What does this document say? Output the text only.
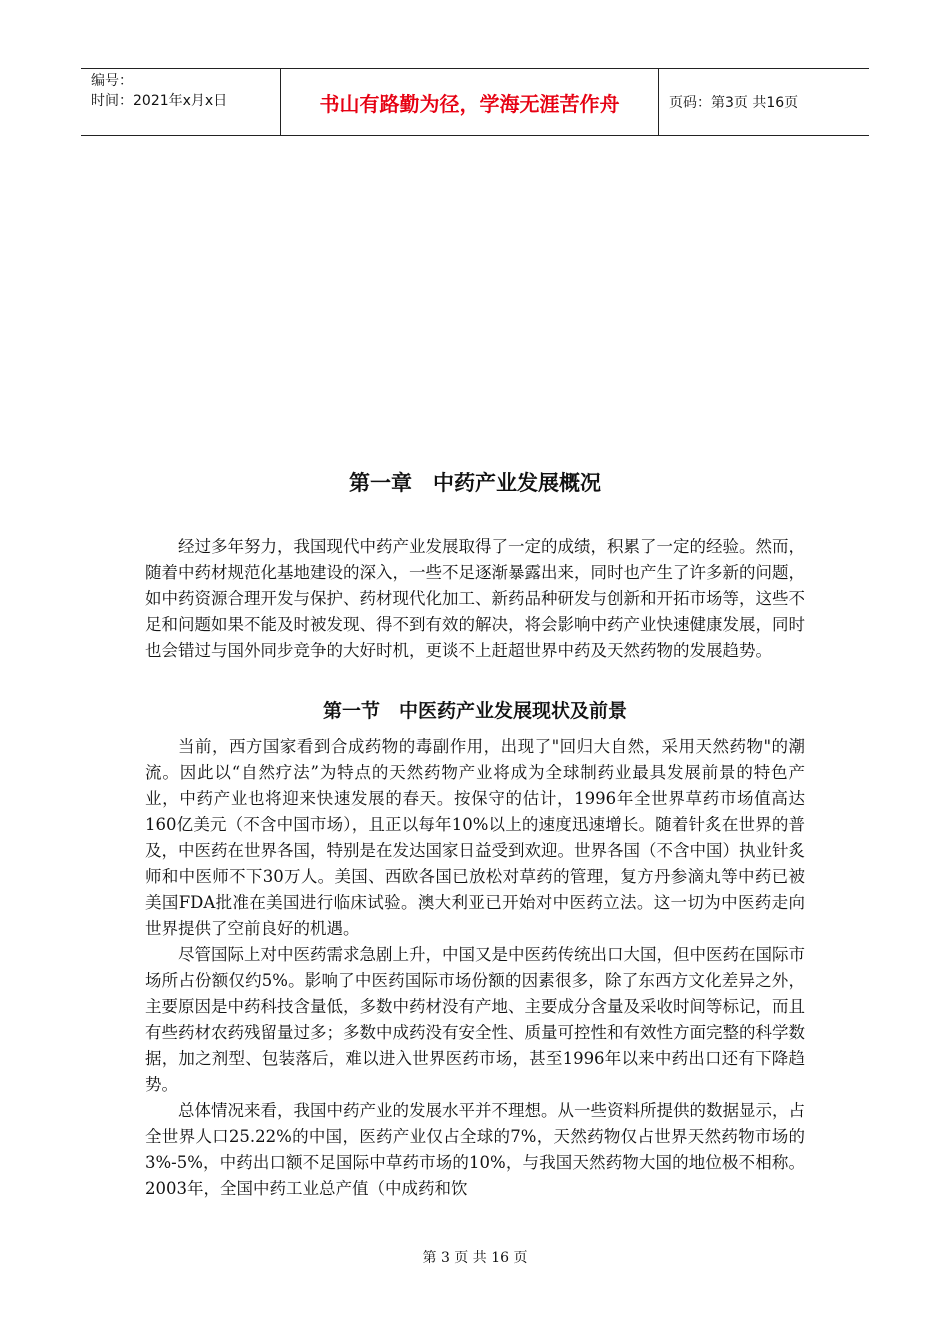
编号：
时间：2021年x月x日	书山有路勤为径，学海无涯苦作舟	页码：第3页 共16页
第一章　中药产业发展概况

经过多年努力，我国现代中药产业发展取得了一定的成绩，积累了一定的经验。然而，随着中药材规范化基地建设的深入，一些不足逐渐暴露出来，同时也产生了许多新的问题，如中药资源合理开发与保护、药材现代化加工、新药品种研发与创新和开拓市场等，这些不足和问题如果不能及时被发现、得不到有效的解决，将会影响中药产业快速健康发展，同时也会错过与国外同步竞争的大好时机，更谈不上赶超世界中药及天然药物的发展趋势。

第一节　中医药产业发展现状及前景

当前，西方国家看到合成药物的毒副作用，出现了"回归大自然，采用天然药物"的潮流。因此以“自然疗法”为特点的天然药物产业将成为全球制药业最具发展前景的特色产业，中药产业也将迎来快速发展的春天。按保守的估计，1996年全世界草药市场值高达160亿美元（不含中国市场），且正以每年10%以上的速度迅速增长。随着针炙在世界的普及，中医药在世界各国，特别是在发达国家日益受到欢迎。世界各国（不含中国）执业针炙师和中医师不下30万人。美国、西欧各国已放松对草药的管理，复方丹参滴丸等中药已被美国FDA批准在美国进行临床试验。澳大利亚已开始对中医药立法。这一切为中医药走向世界提供了空前良好的机遇。

尽管国际上对中医药需求急剧上升，中国又是中医药传统出口大国，但中医药在国际市场所占份额仅约5%。影响了中医药国际市场份额的因素很多，除了东西方文化差异之外，主要原因是中药科技含量低，多数中药材没有产地、主要成分含量及采收时间等标记，而且有些药材农药残留量过多；多数中成药没有安全性、质量可控性和有效性方面完整的科学数据，加之剂型、包装落后，难以进入世界医药市场，甚至1996年以来中药出口还有下降趋势。

总体情况来看，我国中药产业的发展水平并不理想。从一些资料所提供的数据显示，占全世界人口25.22%的中国，医药产业仅占全球的7%，天然药物仅占世界天然药物市场的3%-5%，中药出口额不足国际中草药市场的10%，与我国天然药物大国的地位极不相称。2003年，全国中药工业总产值（中成药和饮

第 3 页 共 16 页
